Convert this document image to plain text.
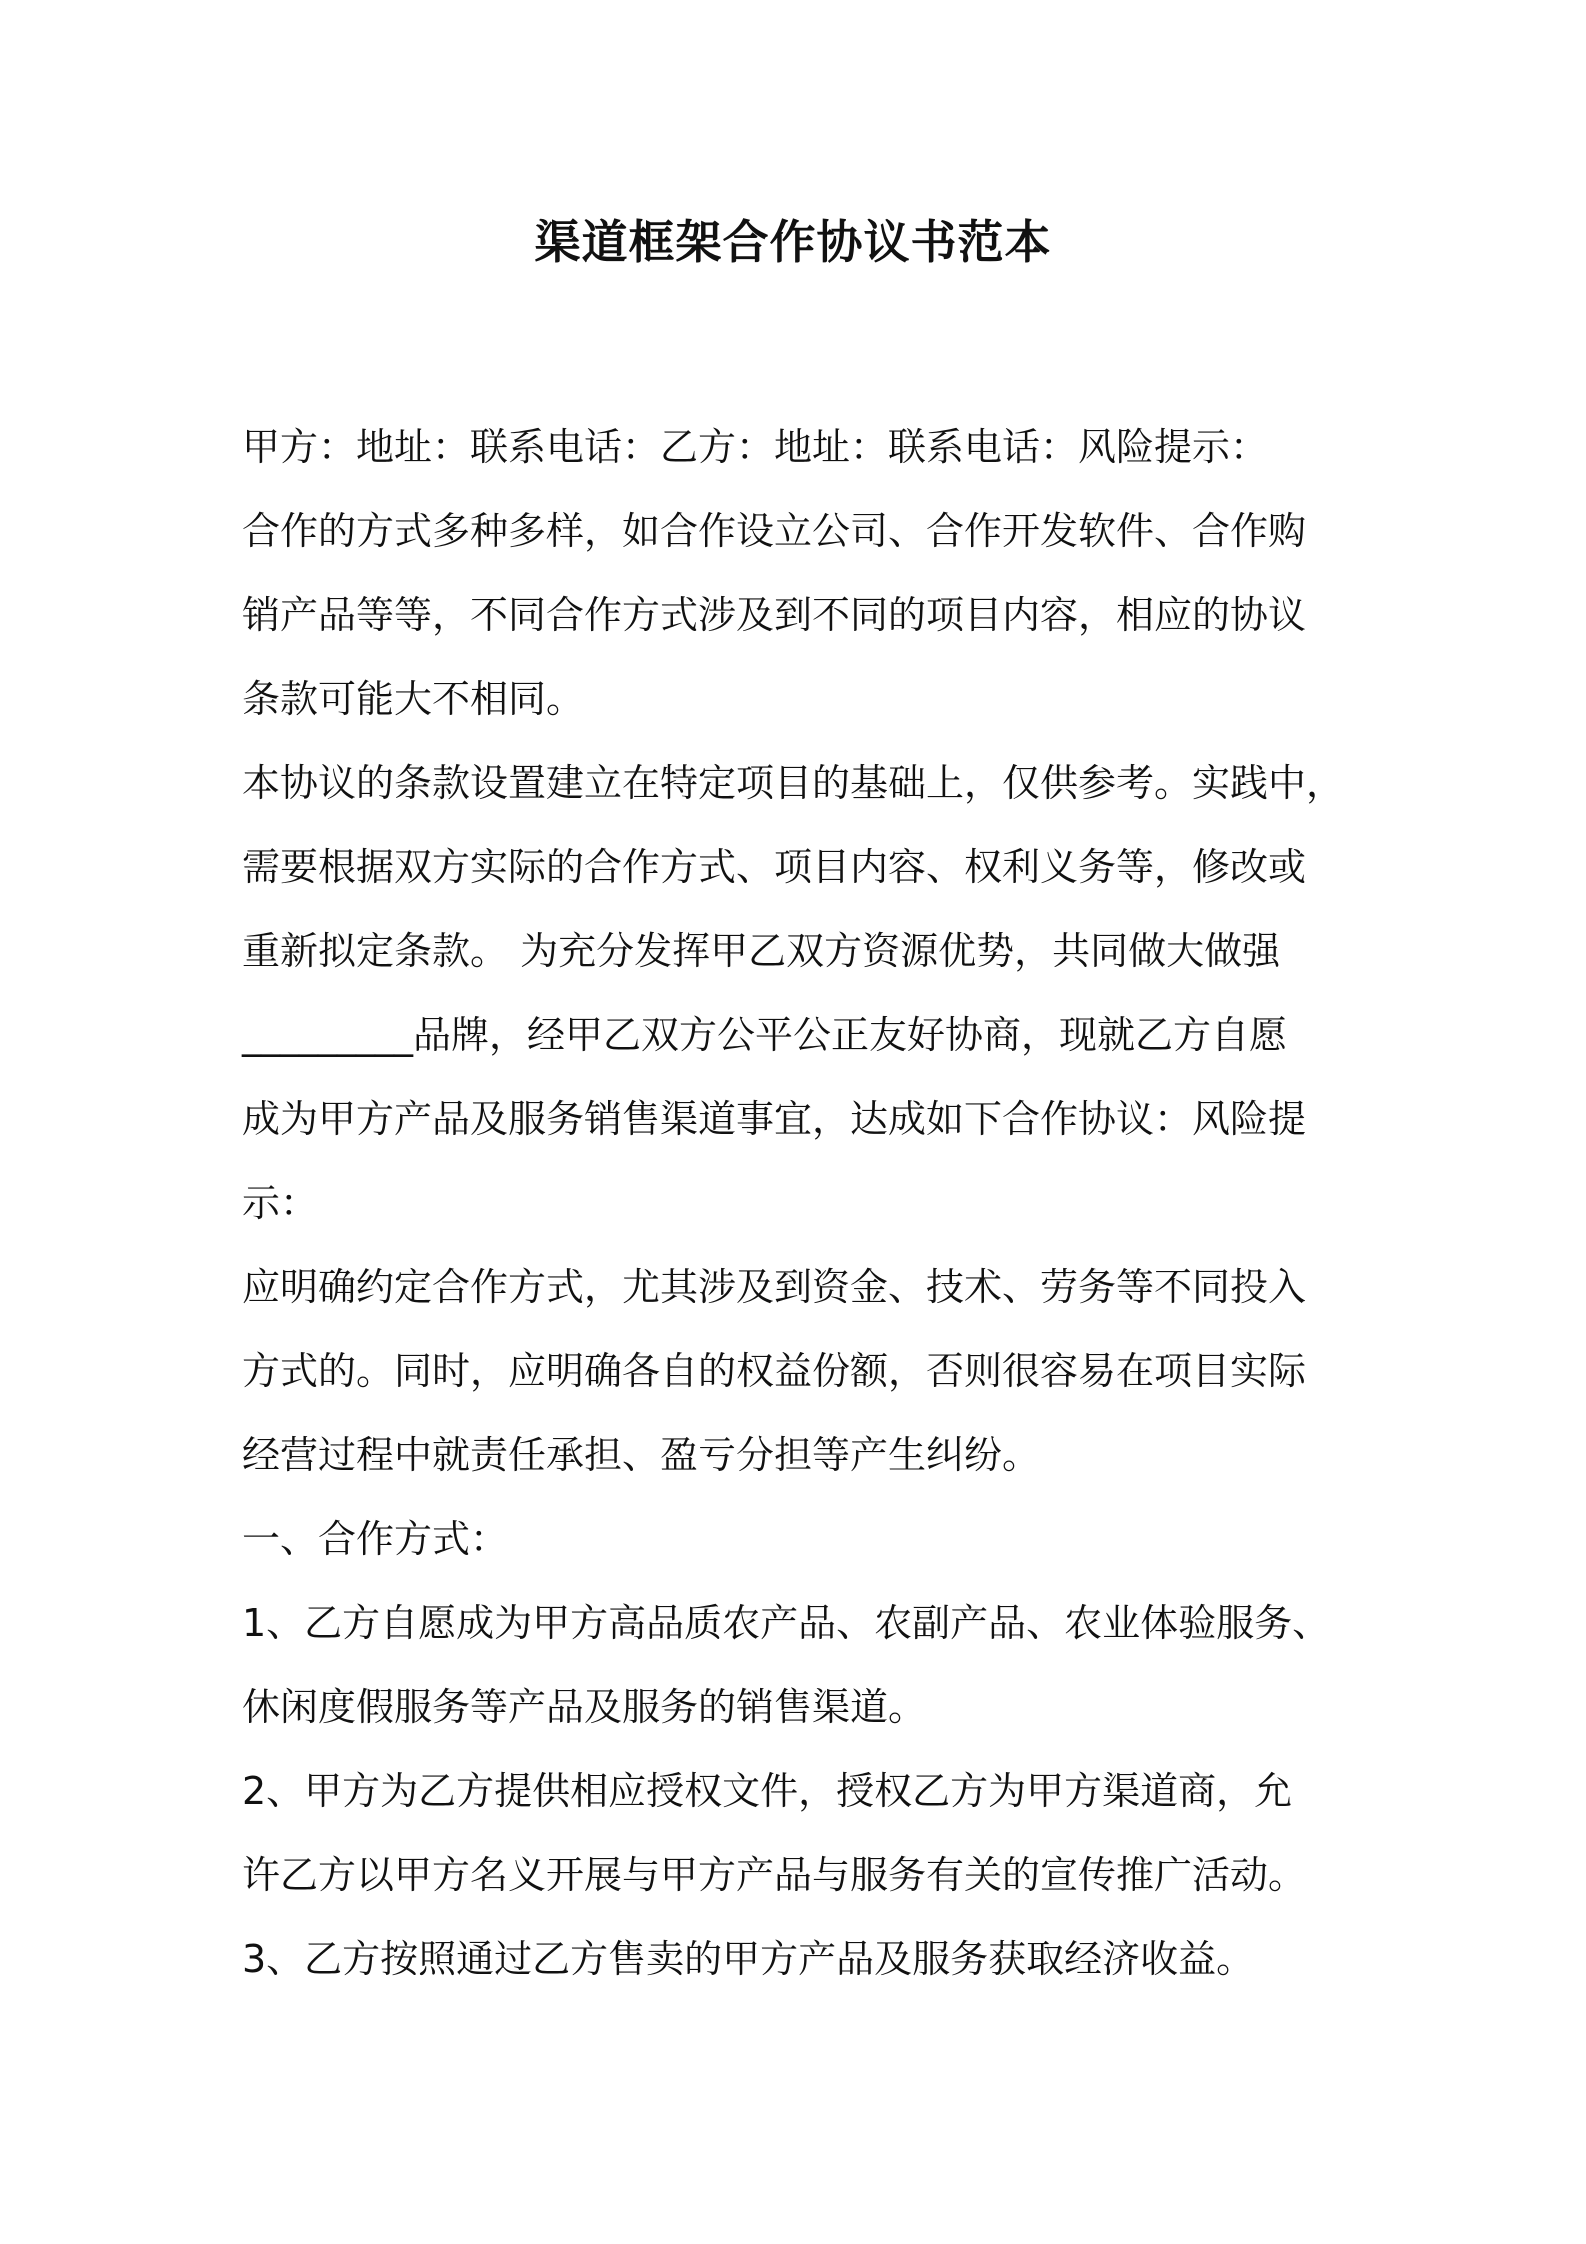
渠道框架合作协议书范本
甲方：地址：联系电话：乙方：地址：联系电话：风险提示：
合作的方式多种多样，如合作设立公司、合作开发软件、合作购
销产品等等，不同合作方式涉及到不同的项目内容，相应的协议
条款可能大不相同。
本协议的条款设置建立在特定项目的基础上，仅供参考。实践中，
需要根据双方实际的合作方式、项目内容、权利义务等，修改或
重新拟定条款。 为充分发挥甲乙双方资源优势，共同做大做强
_________品牌，经甲乙双方公平公正友好协商，现就乙方自愿
成为甲方产品及服务销售渠道事宜，达成如下合作协议：风险提
示：
应明确约定合作方式，尤其涉及到资金、技术、劳务等不同投入
方式的。同时，应明确各自的权益份额，否则很容易在项目实际
经营过程中就责任承担、盈亏分担等产生纠纷。
一、合作方式：
1、乙方自愿成为甲方高品质农产品、农副产品、农业体验服务、
休闲度假服务等产品及服务的销售渠道。
2、甲方为乙方提供相应授权文件，授权乙方为甲方渠道商，允
许乙方以甲方名义开展与甲方产品与服务有关的宣传推广活动。
3、乙方按照通过乙方售卖的甲方产品及服务获取经济收益。
